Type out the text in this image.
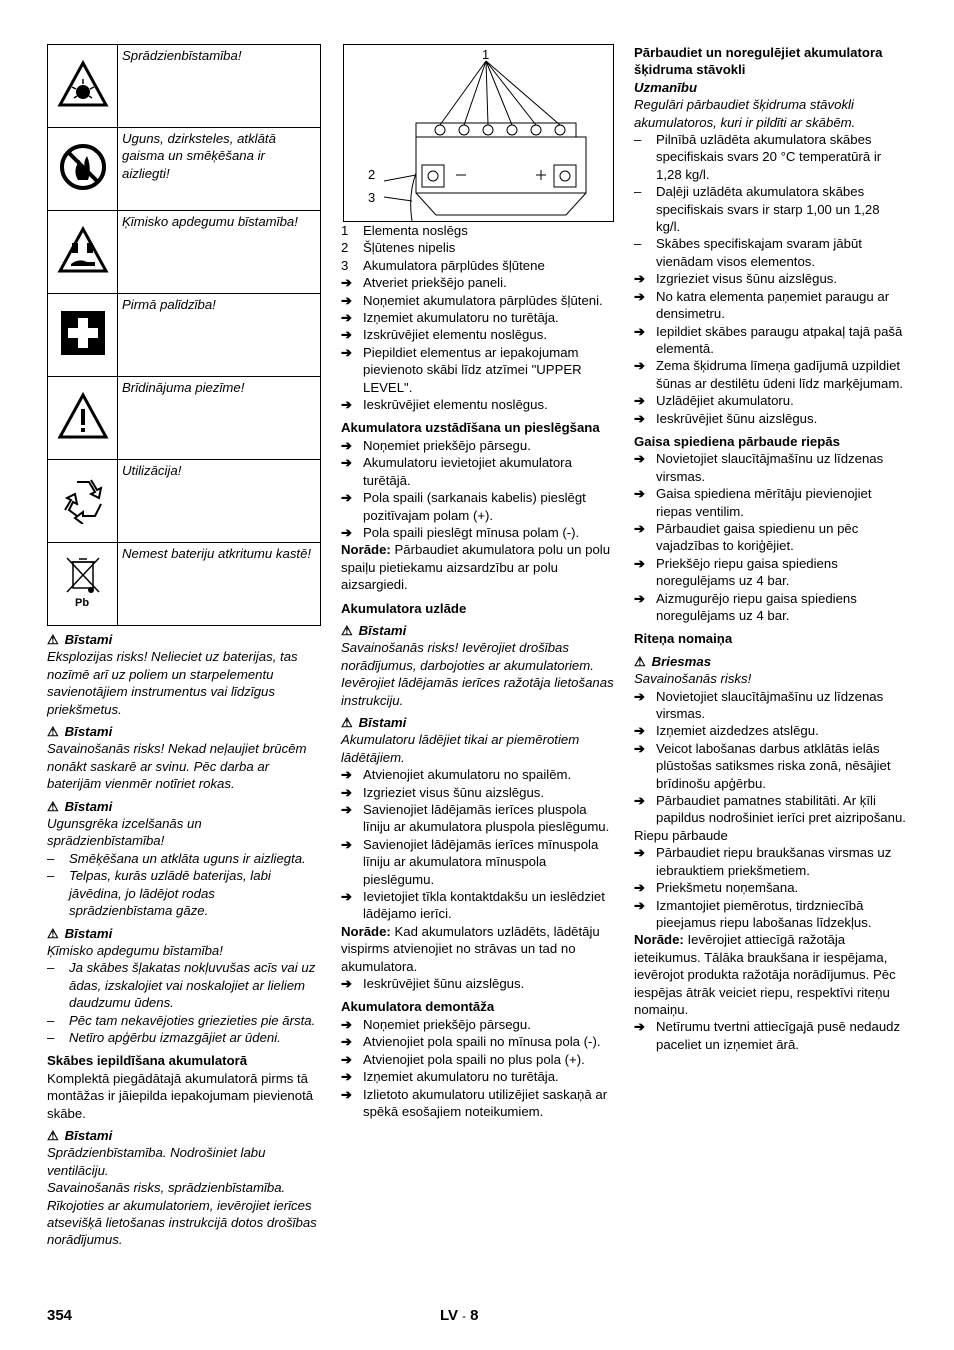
	Sprādzienbīstamība!
	Uguns, dzirksteles, atklātā gaisma un smēķēšana ir aizliegti!
	Ķīmisko apdegumu bīstamība!
	Pirmā palīdzība!
	Brīdinājuma piezīme!
	Utilizācija!

Pb	Nemest bateriju atkritumu kastē!
⚠ Bīstami

Eksplozijas risks! Nelieciet uz baterijas, tas nozīmē arī uz poliem un starpelementu savienotājiem instrumentus vai līdzīgus priekšmetus.

⚠ Bīstami

Savainošanās risks! Nekad neļaujiet brūcēm nonākt saskarē ar svinu. Pēc darba ar baterijām vienmēr notīriet rokas.

⚠ Bīstami

Ugunsgrēka izcelšanās un sprādzienbīstamība!

–	Smēķēšana un atklāta uguns ir aizliegta.
–	Telpas, kurās uzlādē baterijas, labi jāvēdina, jo lādējot rodas sprādzienbīstama gāze.
⚠ Bīstami

Ķīmisko apdegumu bīstamība!

–	Ja skābes šļakatas nokļuvušas acīs vai uz ādas, izskalojiet vai noskalojiet ar lieliem daudzumu ūdens.
–	Pēc tam nekavējoties griezieties pie ārsta.
–	Netīro apģērbu izmazgājiet ar ūdeni.
Skābes iepildīšana akumulatorā

Komplektā piegādātajā akumulatorā pirms tā montāžas ir jāiepilda iepakojumam pievienotā skābe.

⚠ Bīstami

Sprādzienbīstamība. Nodrošiniet labu ventilāciju.

Savainošanās risks, sprādzienbīstamība. Rīkojoties ar akumulatoriem, ievērojiet ierīces atsevišķā lietošanas instrukcijā dotos drošības norādījumus.

1
2
3
1	Elementa noslēgs
2	Šļūtenes nipelis
3	Akumulatora pārplūdes šļūtene
➔ Atveriet priekšējo paneli.
➔ Noņemiet akumulatora pārplūdes šļūteni.
➔ Izņemiet akumulatoru no turētāja.
➔ Izskrūvējiet elementu noslēgus.
➔ Piepildiet elementus ar iepakojumam pievienoto skābi līdz atzīmei "UPPER LEVEL".
➔ Ieskrūvējiet elementu noslēgus.
Akumulatora uzstādīšana un pieslēgšana
➔ Noņemiet priekšējo pārsegu.
➔ Akumulatoru ievietojiet akumulatora turētājā.
➔ Pola spaili (sarkanais kabelis) pieslēgt pozitīvajam polam (+).
➔ Pola spaili pieslēgt mīnusa polam (-).

Norāde: Pārbaudiet akumulatora polu un polu spaiļu pietiekamu aizsardzību ar polu aizsargiedi.

Akumulatora uzlāde
⚠ Bīstami

Savainošanās risks! Ievērojiet drošības norādījumus, darbojoties ar akumulatoriem. Ievērojiet lādējamās ierīces ražotāja lietošanas instrukciju.

⚠ Bīstami

Akumulatoru lādējiet tikai ar piemērotiem lādētājiem.

➔ Atvienojiet akumulatoru no spailēm.
➔ Izgrieziet visus šūnu aizslēgus.
➔ Savienojiet lādējamās ierīces pluspola līniju ar akumulatora pluspola pieslēgumu.
➔ Savienojiet lādējamās ierīces mīnuspola līniju ar akumulatora mīnuspola pieslēgumu.
➔ Ievietojiet tīkla kontaktdakšu un ieslēdziet lādējamo ierīci.

Norāde: Kad akumulators uzlādēts, lādētāju vispirms atvienojiet no strāvas un tad no akumulatora.

➔ Ieskrūvējiet šūnu aizslēgus.
Akumulatora demontāža
➔ Noņemiet priekšējo pārsegu.
➔ Atvienojiet pola spaili no mīnusa pola (-).
➔ Atvienojiet pola spaili no plus pola (+).
➔ Izņemiet akumulatoru no turētāja.
➔ Izlietoto akumulatoru utilizējiet saskaņā ar spēkā esošajiem noteikumiem.
Pārbaudiet un noregulējiet akumulatora šķidruma stāvokli
Uzmanību

Regulāri pārbaudiet šķidruma stāvokli akumulatoros, kuri ir pildīti ar skābēm.

–	Pilnībā uzlādēta akumulatora skābes specifiskais svars 20 °C temperatūrā ir 1,28 kg/l.
–	Daļēji uzlādēta akumulatora skābes specifiskais svars ir starp 1,00 un 1,28 kg/l.
–	Skābes specifiskajam svaram jābūt vienādam visos elementos.
➔ Izgrieziet visus šūnu aizslēgus.
➔ No katra elementa paņemiet paraugu ar densimetru.
➔ Iepildiet skābes paraugu atpakaļ tajā pašā elementā.
➔ Zema šķidruma līmeņa gadījumā uzpildiet šūnas ar destilētu ūdeni līdz marķējumam.
➔ Uzlādējiet akumulatoru.
➔ Ieskrūvējiet šūnu aizslēgus.
Gaisa spiediena pārbaude riepās
➔ Novietojiet slaucītājmašīnu uz līdzenas virsmas.
➔ Gaisa spiediena mērītāju pievienojiet riepas ventilim.
➔ Pārbaudiet gaisa spiedienu un pēc vajadzības to koriģējiet.
➔ Priekšējo riepu gaisa spiediens noregulējams uz 4 bar.
➔ Aizmugurējo riepu gaisa spiediens noregulējams uz 4 bar.
Riteņa nomaiņa
⚠ Briesmas

Savainošanās risks!

➔ Novietojiet slaucītājmašīnu uz līdzenas virsmas.
➔ Izņemiet aizdedzes atslēgu.
➔ Veicot labošanas darbus atklātās ielās plūstošas satiksmes riska zonā, nēsājiet brīdinošu apģērbu.
➔ Pārbaudiet pamatnes stabilitāti. Ar ķīli papildus nodrošiniet ierīci pret aizripošanu.

Riepu pārbaude

➔ Pārbaudiet riepu braukšanas virsmas uz iebrauktiem priekšmetiem.
➔ Priekšmetu noņemšana.
➔ Izmantojiet piemērotus, tirdzniecībā pieejamus riepu labošanas līdzekļus.

Norāde: Ievērojiet attiecīgā ražotāja ieteikumus. Tālāka braukšana ir iespējama, ievērojot produkta ražotāja norādījumus. Pēc iespējas ātrāk veiciet riepu, respektīvi riteņu nomaiņu.

➔ Netīrumu tvertni attiecīgajā pusē nedaudz paceliet un izņemiet ārā.
354	LV - 8
